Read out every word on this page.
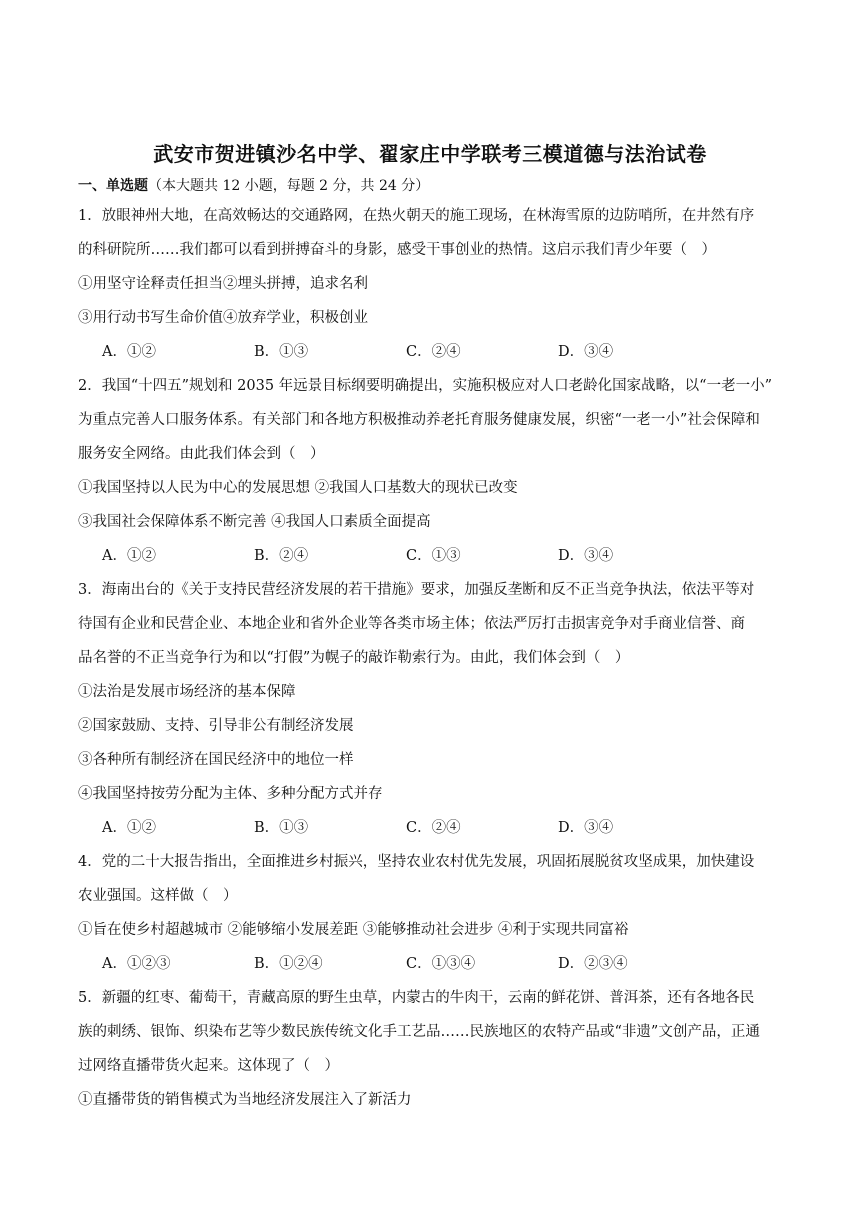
武安市贺进镇沙名中学、翟家庄中学联考三模道德与法治试卷
一、单选题（本大题共 12 小题，每题 2 分，共 24 分）
1．放眼神州大地，在高效畅达的交通路网，在热火朝天的施工现场，在林海雪原的边防哨所，在井然有序
的科研院所……我们都可以看到拼搏奋斗的身影，感受干事创业的热情。这启示我们青少年要（　）
①用坚守诠释责任担当②埋头拼搏，追求名利
③用行动书写生命价值④放弃学业，积极创业
A．①②	B．①③	C．②④	D．③④
2．我国“十四五”规划和 2035 年远景目标纲要明确提出，实施积极应对人口老龄化国家战略，以“一老一小”
为重点完善人口服务体系。有关部门和各地方积极推动养老托育服务健康发展，织密“一老一小”社会保障和
服务安全网络。由此我们体会到（　）
①我国坚持以人民为中心的发展思想 ②我国人口基数大的现状已改变
③我国社会保障体系不断完善 ④我国人口素质全面提高
A．①②	B．②④	C．①③	D．③④
3．海南出台的《关于支持民营经济发展的若干措施》要求，加强反垄断和反不正当竞争执法，依法平等对
待国有企业和民营企业、本地企业和省外企业等各类市场主体；依法严厉打击损害竞争对手商业信誉、商
品名誉的不正当竞争行为和以“打假”为幌子的敲诈勒索行为。由此，我们体会到（　）
①法治是发展市场经济的基本保障
②国家鼓励、支持、引导非公有制经济发展
③各种所有制经济在国民经济中的地位一样
④我国坚持按劳分配为主体、多种分配方式并存
A．①②	B．①③	C．②④	D．③④
4．党的二十大报告指出，全面推进乡村振兴，坚持农业农村优先发展，巩固拓展脱贫攻坚成果，加快建设
农业强国。这样做（　）
①旨在使乡村超越城市 ②能够缩小发展差距 ③能够推动社会进步 ④利于实现共同富裕
A．①②③	B．①②④	C．①③④	D．②③④
5．新疆的红枣、葡萄干，青藏高原的野生虫草，内蒙古的牛肉干，云南的鲜花饼、普洱茶，还有各地各民
族的刺绣、银饰、织染布艺等少数民族传统文化手工艺品……民族地区的农特产品或“非遗”文创产品，正通
过网络直播带货火起来。这体现了（　）
①直播带货的销售模式为当地经济发展注入了新活力
